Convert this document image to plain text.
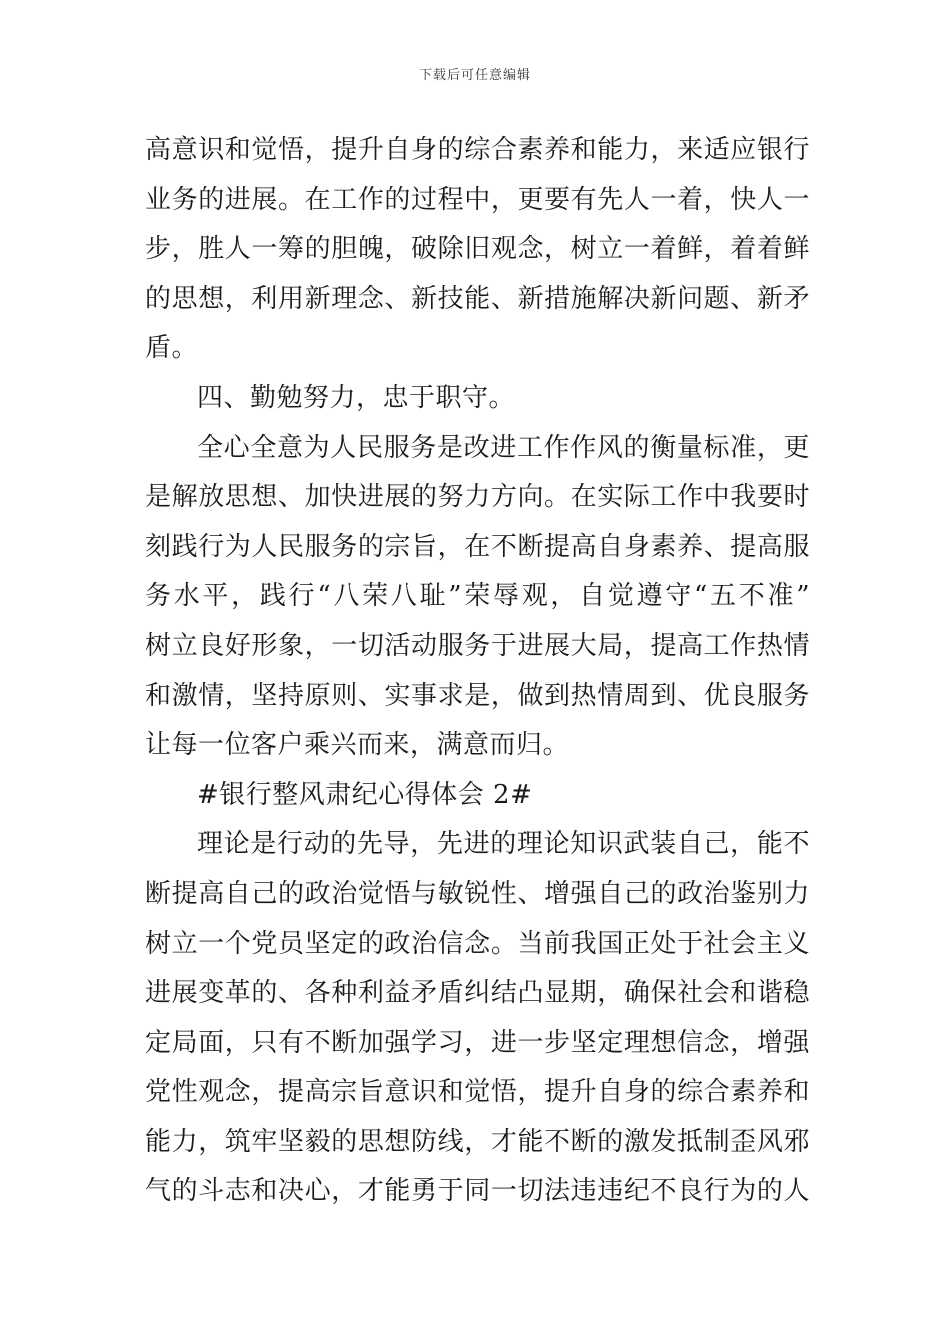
下载后可任意编辑
高意识和觉悟，提升自身的综合素养和能力，来适应银行
业务的进展。在工作的过程中，更要有先人一着，快人一
步，胜人一筹的胆魄，破除旧观念，树立一着鲜，着着鲜
的思想，利用新理念、新技能、新措施解决新问题、新矛
盾。
四、勤勉努力，忠于职守。
全心全意为人民服务是改进工作作风的衡量标准，更
是解放思想、加快进展的努力方向。在实际工作中我要时
刻践行为人民服务的宗旨，在不断提高自身素养、提高服
务水平，践行“八荣八耻”荣辱观，自觉遵守“五不准”
树立良好形象，一切活动服务于进展大局，提高工作热情
和激情，坚持原则、实事求是，做到热情周到、优良服务
让每一位客户乘兴而来，满意而归。
#银行整风肃纪心得体会 2#
理论是行动的先导，先进的理论知识武装自己，能不
断提高自己的政治觉悟与敏锐性、增强自己的政治鉴别力
树立一个党员坚定的政治信念。当前我国正处于社会主义
进展变革的、各种利益矛盾纠结凸显期，确保社会和谐稳
定局面，只有不断加强学习，进一步坚定理想信念，增强
党性观念，提高宗旨意识和觉悟，提升自身的综合素养和
能力，筑牢坚毅的思想防线，才能不断的激发抵制歪风邪
气的斗志和决心，才能勇于同一切法违违纪不良行为的人
